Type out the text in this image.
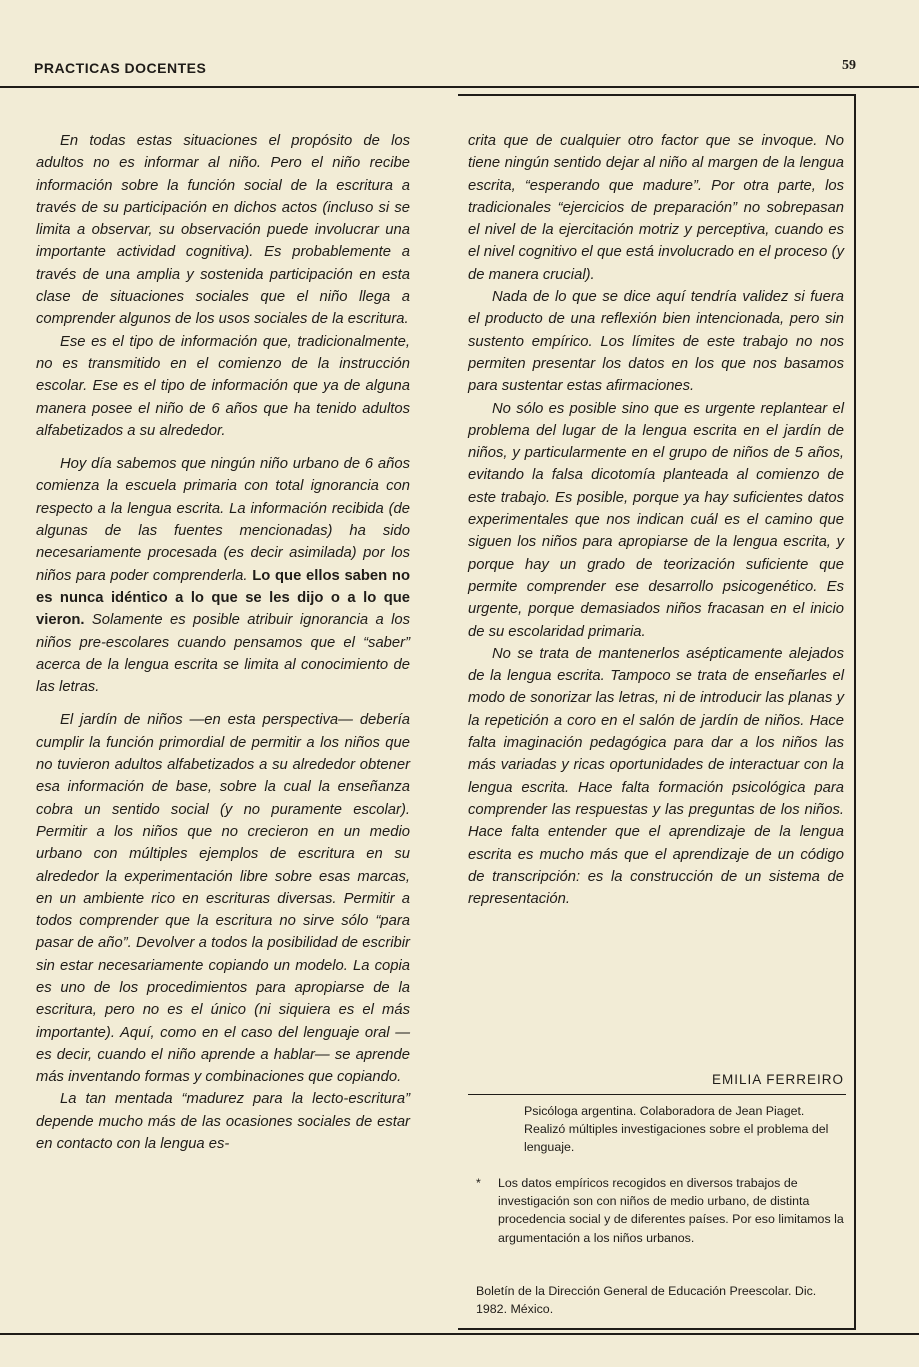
PRACTICAS DOCENTES	59

En todas estas situaciones el propósito de los adultos no es informar al niño. Pero el niño recibe información sobre la función social de la escritura a través de su participación en dichos actos (incluso si se limita a observar, su observación puede involucrar una importante actividad cognitiva). Es probablemente a través de una amplia y sostenida participación en esta clase de situaciones sociales que el niño llega a comprender algunos de los usos sociales de la escritura.

Ese es el tipo de información que, tradicionalmente, no es transmitido en el comienzo de la instrucción escolar. Ese es el tipo de información que ya de alguna manera posee el niño de 6 años que ha tenido adultos alfabetizados a su alrededor.

Hoy día sabemos que ningún niño urbano de 6 años comienza la escuela primaria con total ignorancia con respecto a la lengua escrita. La información recibida (de algunas de las fuentes mencionadas) ha sido necesariamente procesada (es decir asimilada) por los niños para poder comprenderla. Lo que ellos saben no es nunca idéntico a lo que se les dijo o a lo que vieron. Solamente es posible atribuir ignorancia a los niños pre-escolares cuando pensamos que el “saber” acerca de la lengua escrita se limita al conocimiento de las letras.

El jardín de niños —en esta perspectiva— debería cumplir la función primordial de permitir a los niños que no tuvieron adultos alfabetizados a su alrededor obtener esa información de base, sobre la cual la enseñanza cobra un sentido social (y no puramente escolar). Permitir a los niños que no crecieron en un medio urbano con múltiples ejemplos de escritura en su alrededor la experimentación libre sobre esas marcas, en un ambiente rico en escrituras diversas. Permitir a todos comprender que la escritura no sirve sólo “para pasar de año”. Devolver a todos la posibilidad de escribir sin estar necesariamente copiando un modelo. La copia es uno de los procedimientos para apropiarse de la escritura, pero no es el único (ni siquiera es el más importante). Aquí, como en el caso del lenguaje oral —es decir, cuando el niño aprende a hablar— se aprende más inventando formas y combinaciones que copiando.

La tan mentada “madurez para la lecto-escritura” depende mucho más de las ocasiones sociales de estar en contacto con la lengua es-

crita que de cualquier otro factor que se invoque. No tiene ningún sentido dejar al niño al margen de la lengua escrita, “esperando que madure”. Por otra parte, los tradicionales “ejercicios de preparación” no sobrepasan el nivel de la ejercitación motriz y perceptiva, cuando es el nivel cognitivo el que está involucrado en el proceso (y de manera crucial).

Nada de lo que se dice aquí tendría validez si fuera el producto de una reflexión bien intencionada, pero sin sustento empírico. Los límites de este trabajo no nos permiten presentar los datos en los que nos basamos para sustentar estas afirmaciones.

No sólo es posible sino que es urgente replantear el problema del lugar de la lengua escrita en el jardín de niños, y particularmente en el grupo de niños de 5 años, evitando la falsa dicotomía planteada al comienzo de este trabajo. Es posible, porque ya hay suficientes datos experimentales que nos indican cuál es el camino que siguen los niños para apropiarse de la lengua escrita, y porque hay un grado de teorización suficiente que permite comprender ese desarrollo psicogenético. Es urgente, porque demasiados niños fracasan en el inicio de su escolaridad primaria.

No se trata de mantenerlos asépticamente alejados de la lengua escrita. Tampoco se trata de enseñarles el modo de sonorizar las letras, ni de introducir las planas y la repetición a coro en el salón de jardín de niños. Hace falta imaginación pedagógica para dar a los niños las más variadas y ricas oportunidades de interactuar con la lengua escrita. Hace falta formación psicológica para comprender las respuestas y las preguntas de los niños. Hace falta entender que el aprendizaje de la lengua escrita es mucho más que el aprendizaje de un código de transcripción: es la construcción de un sistema de representación.

EMILIA FERREIRO
Psicóloga argentina. Colaboradora de Jean Piaget. Realizó múltiples investigaciones sobre el problema del lenguaje.
* Los datos empíricos recogidos en diversos trabajos de investigación son con niños de medio urbano, de distinta procedencia social y de diferentes países. Por eso limitamos la argumentación a los niños urbanos.
Boletín de la Dirección General de Educación Preescolar. Dic. 1982. México.
